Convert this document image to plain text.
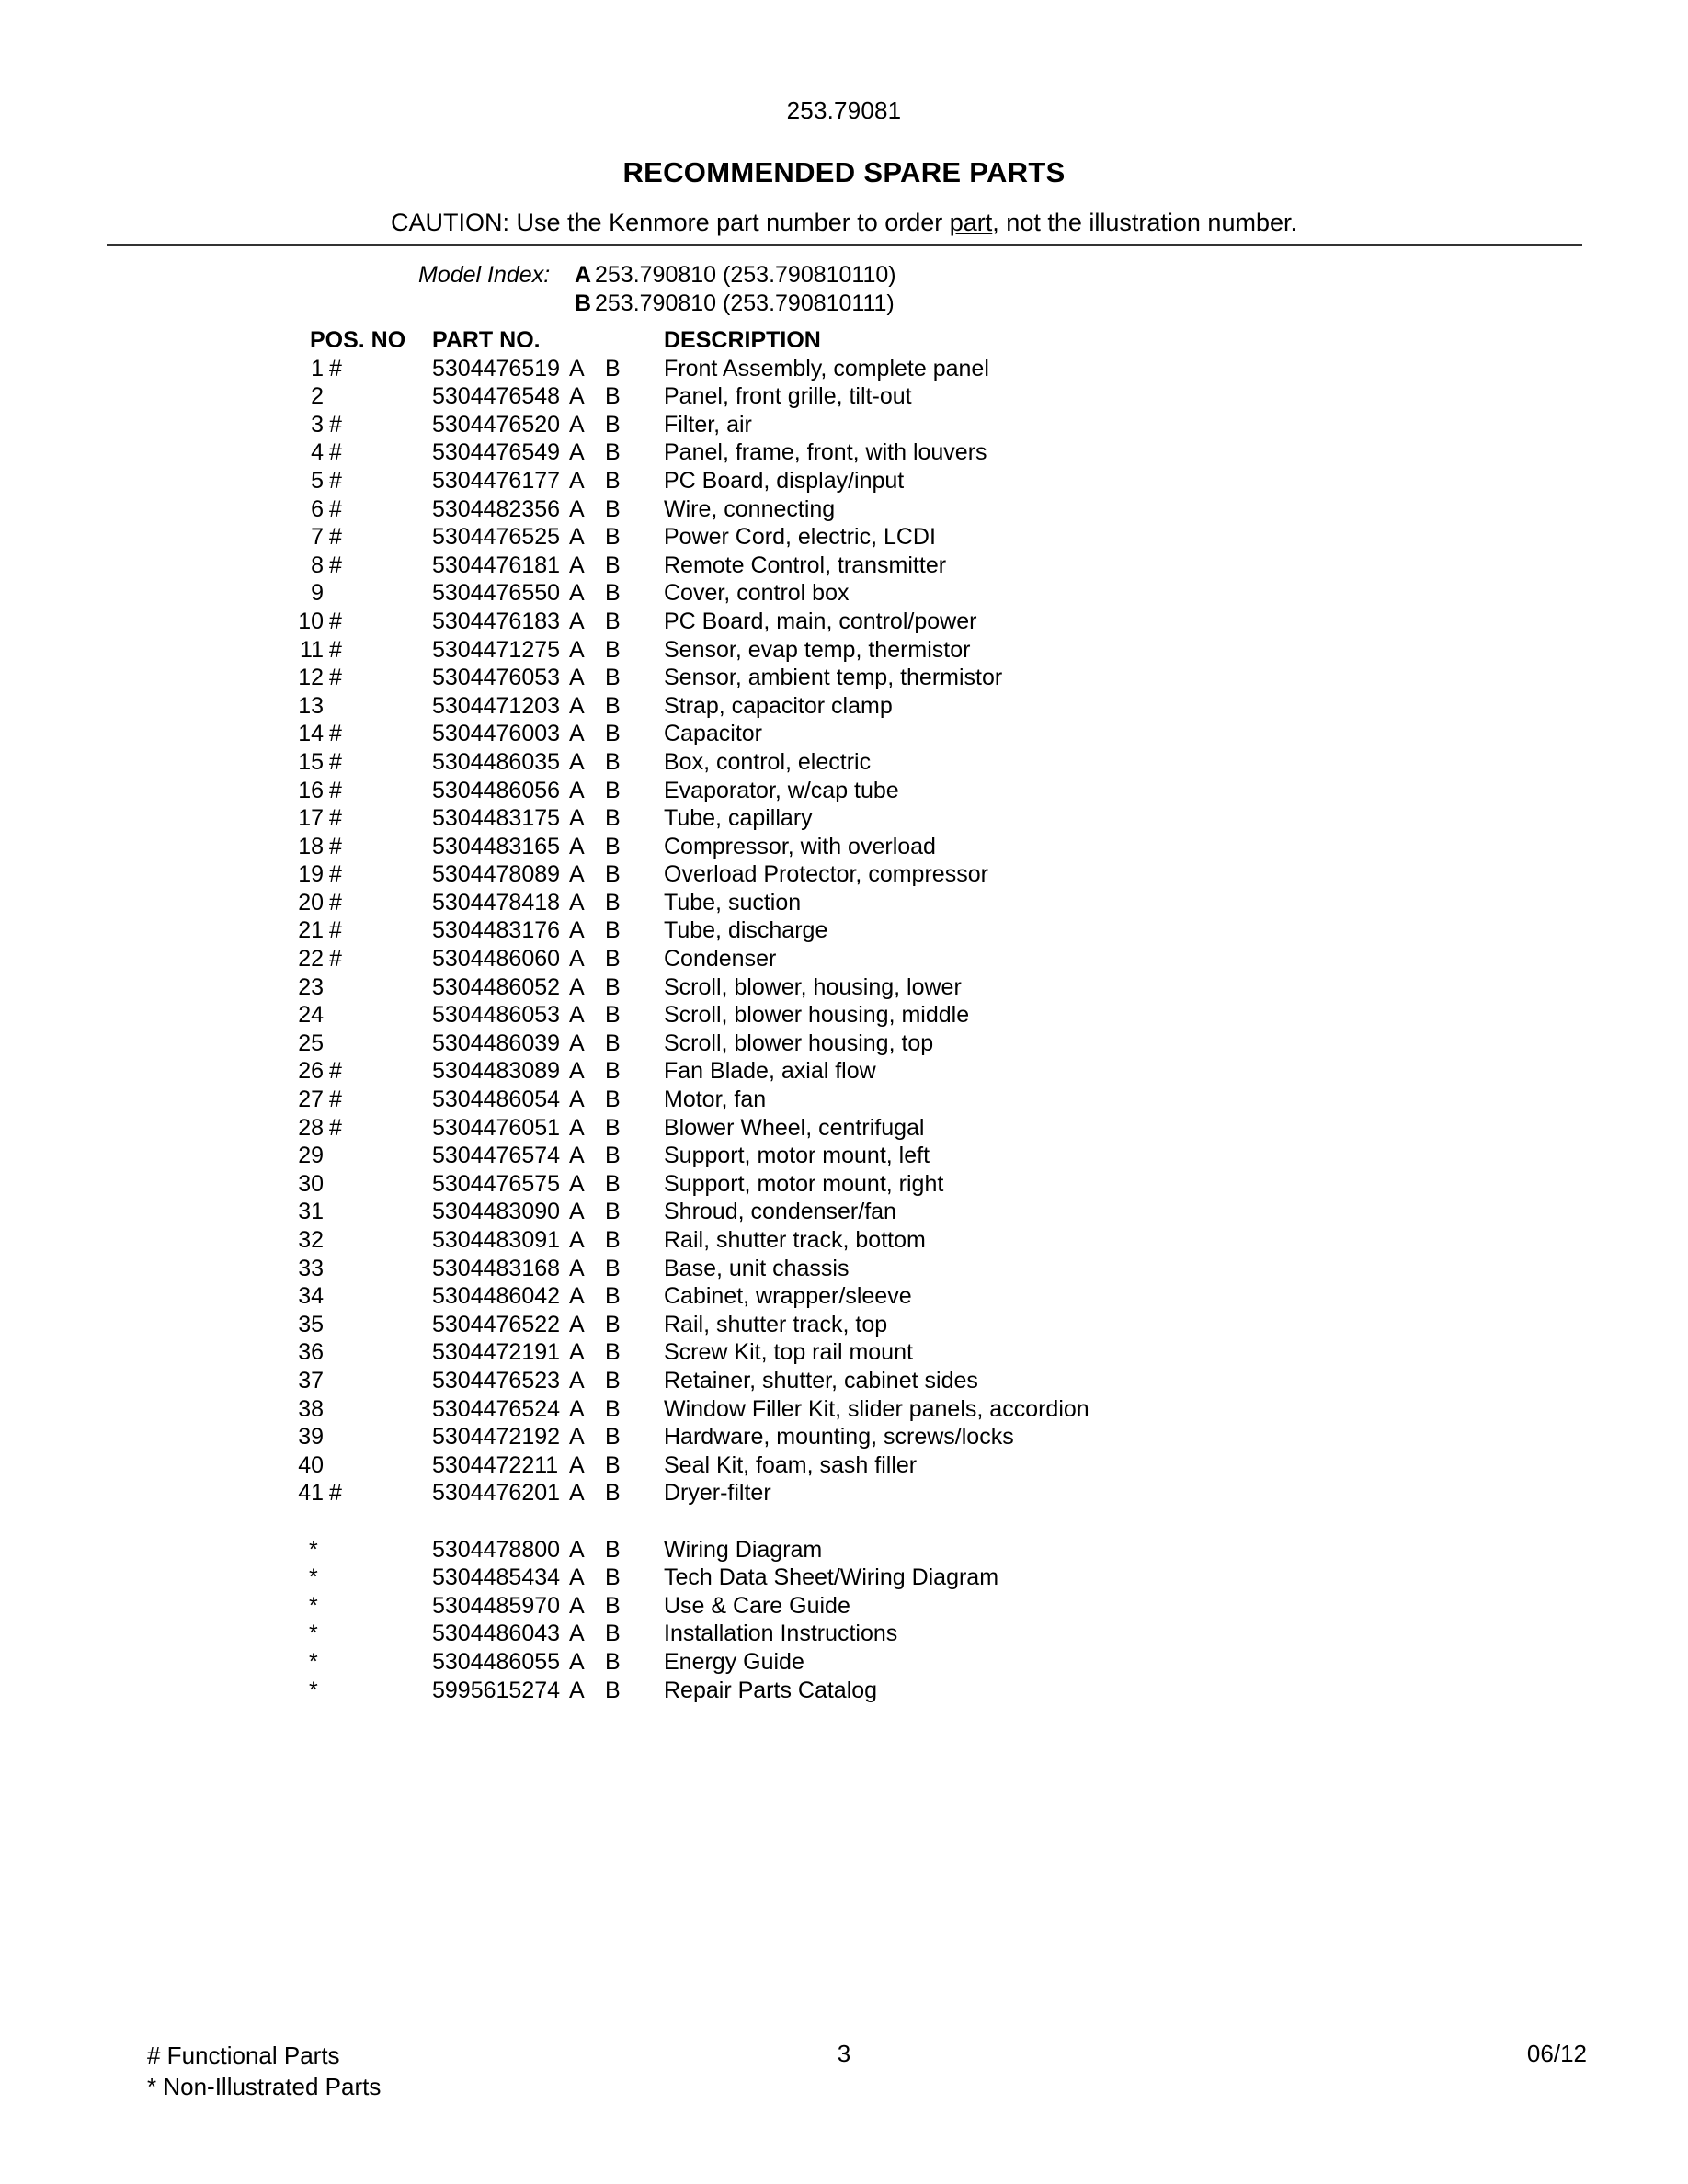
253.79081
RECOMMENDED SPARE PARTS
CAUTION: Use the Kenmore part number to order part, not the illustration number.
Model Index: A 253.790810 (253.790810110)
B 253.790810 (253.790810111)
POS. NO PART NO.	DESCRIPTION
1 #	5304476519 A B Front Assembly, complete panel
2	5304476548 A B Panel, front grille, tilt-out
3 #	5304476520 A B Filter, air
4 #	5304476549 A B Panel, frame, front, with louvers
5 #	5304476177 A B PC Board, display/input
6 #	5304482356 A B Wire, connecting
7 #	5304476525 A B Power Cord, electric, LCDI
8 #	5304476181 A B Remote Control, transmitter
9	5304476550 A B Cover, control box
10 #	5304476183 A B PC Board, main, control/power
11 #	5304471275 A B Sensor, evap temp, thermistor
12 #	5304476053 A B Sensor, ambient temp, thermistor
13	5304471203 A B Strap, capacitor clamp
14 #	5304476003 A B Capacitor
15 #	5304486035 A B Box, control, electric
16 #	5304486056 A B Evaporator, w/cap tube
17 #	5304483175 A B Tube, capillary
18 #	5304483165 A B Compressor, with overload
19 #	5304478089 A B Overload Protector, compressor
20 #	5304478418 A B Tube, suction
21 #	5304483176 A B Tube, discharge
22 #	5304486060 A B Condenser
23	5304486052 A B Scroll, blower, housing, lower
24	5304486053 A B Scroll, blower housing, middle
25	5304486039 A B Scroll, blower housing, top
26 #	5304483089 A B Fan Blade, axial flow
27 #	5304486054 A B Motor, fan
28 #	5304476051 A B Blower Wheel, centrifugal
29	5304476574 A B Support, motor mount, left
30	5304476575 A B Support, motor mount, right
31	5304483090 A B Shroud, condenser/fan
32	5304483091 A B Rail, shutter track, bottom
33	5304483168 A B Base, unit chassis
34	5304486042 A B Cabinet, wrapper/sleeve
35	5304476522 A B Rail, shutter track, top
36	5304472191 A B Screw Kit, top rail mount
37	5304476523 A B Retainer, shutter, cabinet sides
38	5304476524 A B Window Filler Kit, slider panels, accordion
39	5304472192 A B Hardware, mounting, screws/locks
40	5304472211 A B Seal Kit, foam, sash filler
41 #	5304476201 A B Dryer-filter
*	5304478800 A B Wiring Diagram
*	5304485434 A B Tech Data Sheet/Wiring Diagram
*	5304485970 A B Use & Care Guide
*	5304486043 A B Installation Instructions
*	5304486055 A B Energy Guide
*	5995615274 A B Repair Parts Catalog
# Functional Parts
* Non-Illustrated Parts
3	06/12
